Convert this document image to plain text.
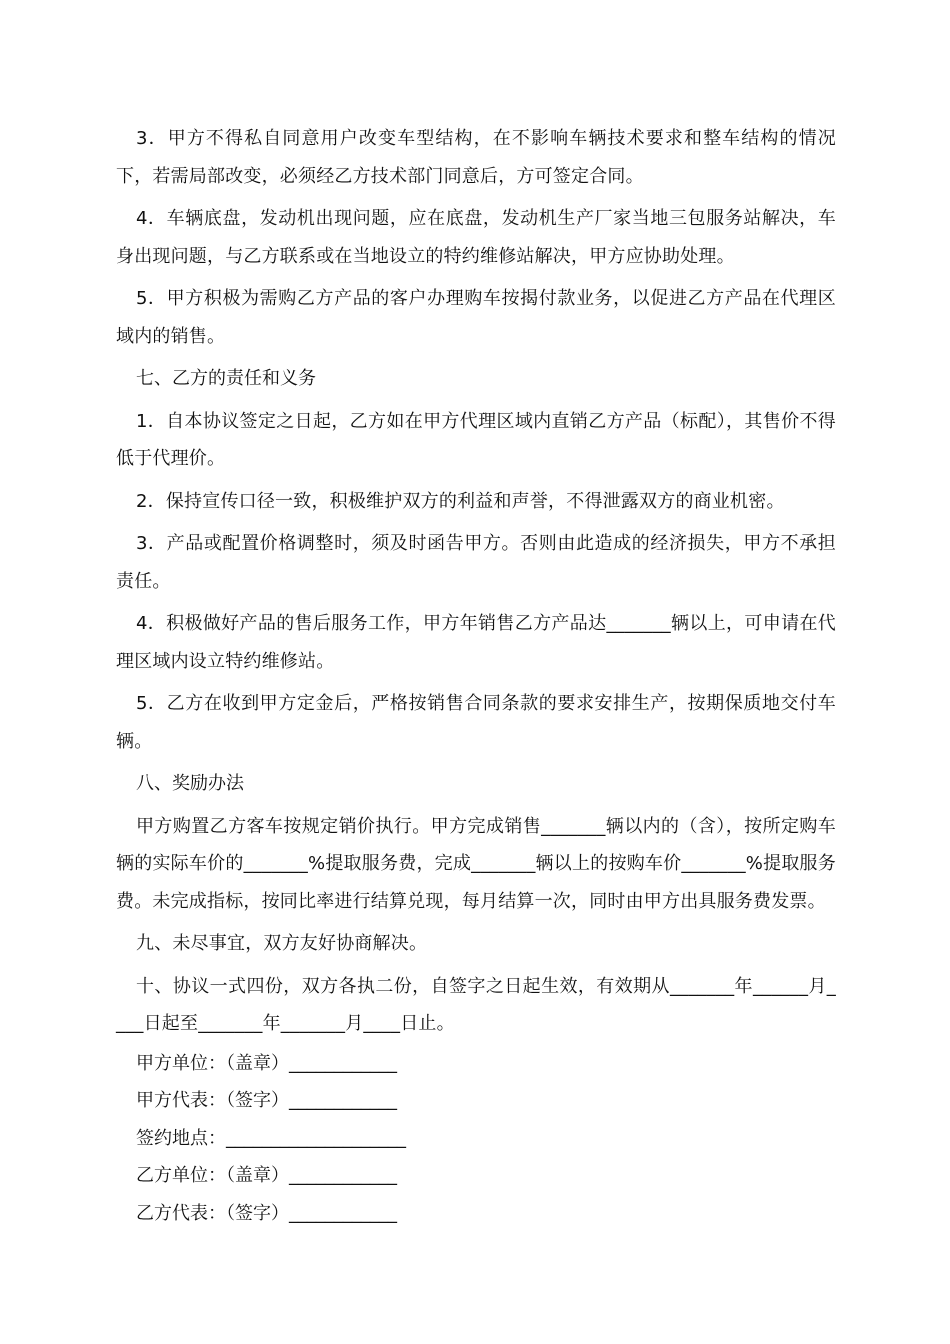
3．甲方不得私自同意用户改变车型结构，在不影响车辆技术要求和整车结构的情况下，若需局部改变，必须经乙方技术部门同意后，方可签定合同。

4．车辆底盘，发动机出现问题，应在底盘，发动机生产厂家当地三包服务站解决，车身出现问题，与乙方联系或在当地设立的特约维修站解决，甲方应协助处理。

5．甲方积极为需购乙方产品的客户办理购车按揭付款业务，以促进乙方产品在代理区域内的销售。

七、乙方的责任和义务

1．自本协议签定之日起，乙方如在甲方代理区域内直销乙方产品（标配），其售价不得低于代理价。

2．保持宣传口径一致，积极维护双方的利益和声誉，不得泄露双方的商业机密。

3．产品或配置价格调整时，须及时函告甲方。否则由此造成的经济损失，甲方不承担责任。

4．积极做好产品的售后服务工作，甲方年销售乙方产品达_______辆以上，可申请在代理区域内设立特约维修站。

5．乙方在收到甲方定金后，严格按销售合同条款的要求安排生产，按期保质地交付车辆。

八、奖励办法

甲方购置乙方客车按规定销价执行。甲方完成销售_______辆以内的（含），按所定购车辆的实际车价的_______%提取服务费，完成_______辆以上的按购车价_______%提取服务费。未完成指标，按同比率进行结算兑现，每月结算一次，同时由甲方出具服务费发票。

九、未尽事宜，双方友好协商解决。

十、协议一式四份，双方各执二份，自签字之日起生效，有效期从_______年______月____日起至_______年_______月____日止。

甲方单位：（盖章）____________

甲方代表：（签字）____________

签约地点：____________________

乙方单位：（盖章）____________

乙方代表：（签字）____________
